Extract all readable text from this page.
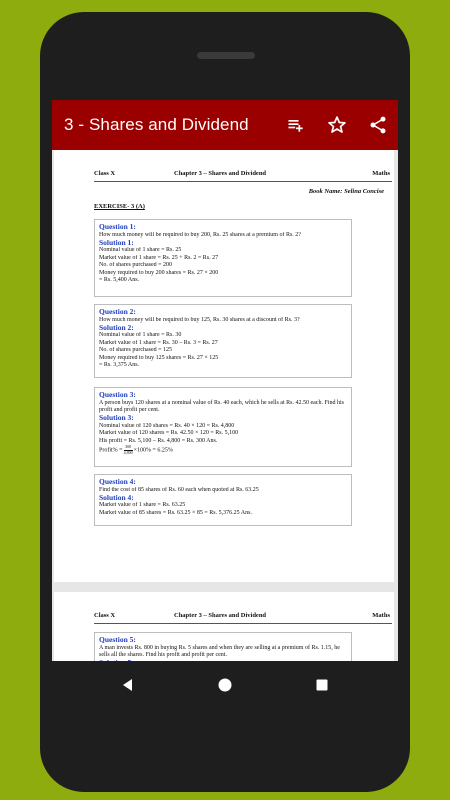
3 - Shares and Dividend
Class X	Chapter 3 – Shares and Dividend	Maths
Book Name: Selina Concise
EXERCISE- 3 (A)
Question 1:
How much money will be required to buy 200, Rs. 25 shares at a premium of Rs. 2?
Solution 1:
Nominal value of 1 share = Rs. 25
Market value of 1 share = Rs. 25 + Rs. 2 = Rs. 27
No. of shares purchased = 200
Money required to buy 200 shares = Rs. 27 × 200
= Rs. 5,400 Ans.
Question 2:
How much money will be required to buy 125, Rs. 30 shares at a discount of Rs. 3?
Solution 2:
Nominal value of 1 share = Rs. 30
Market value of 1 share = Rs. 30 – Rs. 3 = Rs. 27
No. of shares purchased = 125
Money required to buy 125 shares = Rs. 27 × 125
= Rs. 3,375 Ans.
Question 3:
A person buys 120 shares at a nominal value of Rs. 40 each, which he sells at Rs. 42.50 each. Find his profit and profit per cent.
Solution 3:
Nominal value of 120 shares = Rs. 40 × 120 = Rs. 4,800
Market value of 120 shares = Rs. 42.50 × 120 = Rs. 5,100
His profit = Rs. 5,100 – Rs. 4,800 = Rs. 300 Ans.
Profit% = $\frac{300}{4,800}\times 100\% = 6.25\%$
Question 4:
Find the cost of 85 shares of Rs. 60 each when quoted at Rs. 63.25
Solution 4:
Market value of 1 share = Rs. 63.25
Market value of 85 shares = Rs. 63.25 × 85 = Rs. 5,376.25 Ans.
Class X	Chapter 3 – Shares and Dividend	Maths
Question 5:
A man invests Rs. 800 in buying Rs. 5 shares and when they are selling at a premium of Rs. 1.15, he sells all the shares. Find his profit and profit per cent.
